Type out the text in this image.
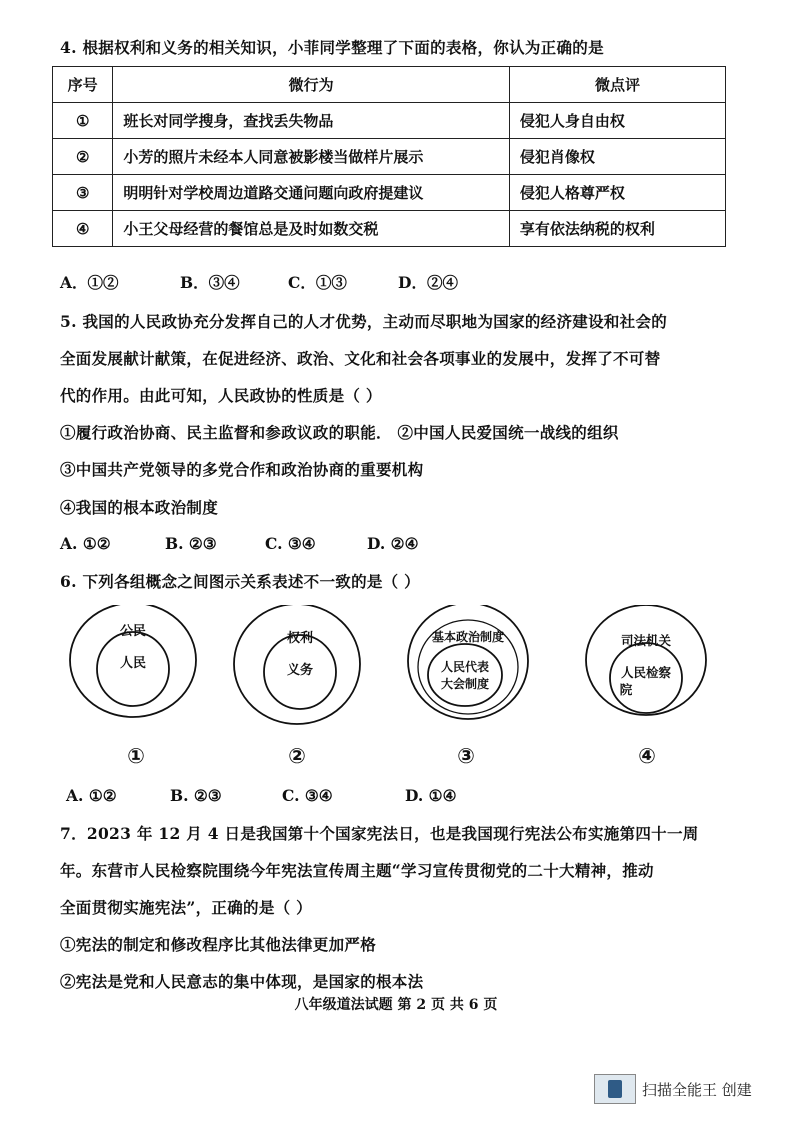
4. 根据权利和义务的相关知识，小菲同学整理了下面的表格，你认为正确的是
序号	微行为	微点评
①	班长对同学搜身，查找丢失物品	侵犯人身自由权
②	小芳的照片未经本人同意被影楼当做样片展示	侵犯肖像权
③	明明针对学校周边道路交通问题向政府提建议	侵犯人格尊严权
④	小王父母经营的餐馆总是及时如数交税	享有依法纳税的权利
A．①②	B．③④	C．①③	D．②④
5. 我国的人民政协充分发挥自己的人才优势，主动而尽职地为国家的经济建设和社会的
全面发展献计献策，在促进经济、政治、文化和社会各项事业的发展中，发挥了不可替
代的作用。由此可知，人民政协的性质是（ ）
①履行政治协商、民主监督和参政议政的职能． ②中国人民爱国统一战线的组织
③中国共产党领导的多党合作和政治协商的重要机构
④我国的根本政治制度
A. ①②	B. ②③	C. ③④	D. ②④
6. 下列各组概念之间图示关系表述不一致的是（ ）
公民
人民
①
权利
义务
②
基本政治制度
人民代表
大会制度
③
司法机关
人民检察
院
④
A. ①②	B. ②③	C. ③④	D. ①④
7．2023 年 12 月 4 日是我国第十个国家宪法日，也是我国现行宪法公布实施第四十一周
年。东营市人民检察院围绕今年宪法宣传周主题“学习宣传贯彻党的二十大精神，推动
全面贯彻实施宪法”，正确的是（ ）
①宪法的制定和修改程序比其他法律更加严格
②宪法是党和人民意志的集中体现，是国家的根本法
八年级道法试题 第 2 页 共 6 页
扫描全能王 创建
